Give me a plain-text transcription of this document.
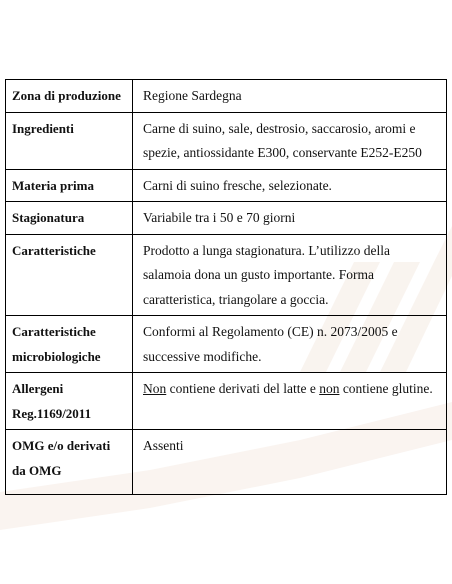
Zona di produzione	Regione Sardegna
Ingredienti	Carne di suino, sale, destrosio, saccarosio, aromi e spezie, antiossidante E300, conservante E252-E250
Materia prima	Carni di suino fresche, selezionate.
Stagionatura	Variabile tra i 50 e 70 giorni
Caratteristiche	Prodotto a lunga stagionatura. L’utilizzo della salamoia dona un gusto importante. Forma caratteristica, triangolare a goccia.
Caratteristiche microbiologiche	Conformi al Regolamento (CE) n. 2073/2005 e successive modifiche.
Allergeni Reg.1169/2011	Non contiene derivati del latte e non contiene glutine.
OMG e/o derivati da OMG	Assenti
